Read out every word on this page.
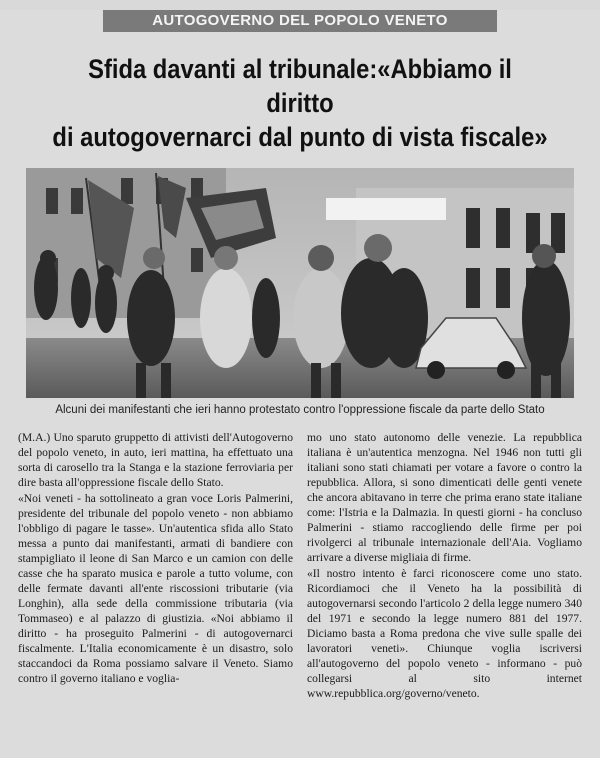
AUTOGOVERNO DEL POPOLO VENETO
Sfida davanti al tribunale:«Abbiamo il diritto
di autogovernarci dal punto di vista fiscale»
Alcuni dei manifestanti che ieri hanno protestato contro l'oppressione fiscale da parte dello Stato

(M.A.) Uno sparuto gruppetto di attivisti dell'Autogoverno del popolo veneto, in auto, ieri mattina, ha effettuato una sorta di carosello tra la Stanga e la stazione ferroviaria per dire basta all'oppressione fiscale dello Stato.

«Noi veneti - ha sottolineato a gran voce Loris Palmerini, presidente del tribunale del popolo veneto - non abbiamo l'obbligo di pagare le tasse». Un'autentica sfida allo Stato messa a punto dai manifestanti, armati di bandiere con stampigliato il leone di San Marco e un camion con delle casse che ha sparato musica e parole a tutto volume, con delle fermate davanti all'ente riscossioni tributarie (via Longhin), alla sede della commissione tributaria (via Tommaseo) e al palazzo di giustizia. «Noi abbiamo il diritto - ha proseguito Palmerini - di autogovernarci fiscalmente. L'Italia economicamente è un disastro, solo staccandoci da Roma possiamo salvare il Veneto. Siamo contro il governo italiano e voglia-

mo uno stato autonomo delle venezie. La repubblica italiana è un'autentica menzogna. Nel 1946 non tutti gli italiani sono stati chiamati per votare a favore o contro la repubblica. Allora, si sono dimenticati delle genti venete che ancora abitavano in terre che prima erano state italiane come: l'Istria e la Dalmazia. In questi giorni - ha concluso Palmerini - stiamo raccogliendo delle firme per poi rivolgerci al tribunale internazionale dell'Aia. Vogliamo arrivare a diverse migliaia di firme.

«Il nostro intento è farci riconoscere come uno stato. Ricordiamoci che il Veneto ha la possibilità di autogovernarsi secondo l'articolo 2 della legge numero 340 del 1971 e secondo la legge numero 881 del 1977. Diciamo basta a Roma predona che vive sulle spalle dei lavoratori veneti». Chiunque voglia iscriversi all'autogoverno del popolo veneto - informano - può collegarsi al sito internet www.repubblica.org/governo/veneto.
